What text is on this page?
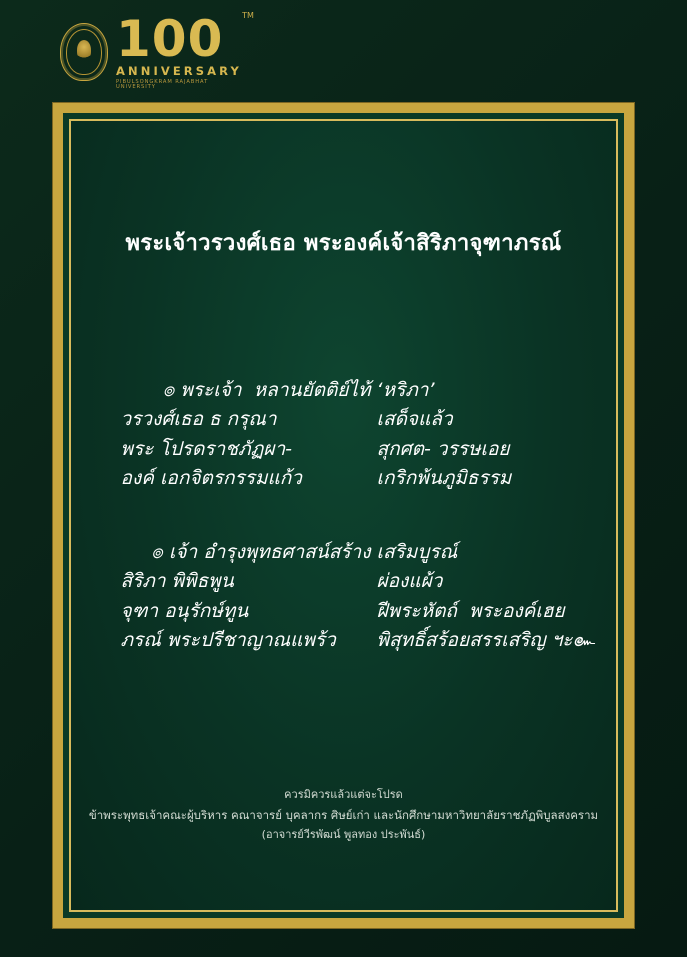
100	TM
ANNIVERSARY
PIBULSONGKRAM RAJABHAT UNIVERSITY
พระเจ้าวรวงศ์เธอ พระองค์เจ้าสิริภาจุฑาภรณ์
๏ พระเจ้า  หลานยัตติย์ไท้ ‘หริภา’
วรวงศ์เธอ ธ กรุณา	เสด็จแล้ว
พระ โปรดราชภัฏผา-	สุกศต- วรรษเอย
องค์ เอกจิตรกรรมแก้ว	เกริกพ้นภูมิธรรม
๏ เจ้า อำรุงพุทธศาสน์สร้าง เสริมบูรณ์
สิริภา พิพิธพูน	ผ่องแผ้ว
จุฑา อนุรักษ์ทูน	ฝีพระหัตถ์  พระองค์เฮย
ภรณ์ พระปรีชาญาณแพร้ว	พิสุทธิ์สร้อยสรรเสริญ ฯะ๛
ควรมิควรแล้วแต่จะโปรด
ข้าพระพุทธเจ้าคณะผู้บริหาร คณาจารย์ บุคลากร ศิษย์เก่า และนักศึกษามหาวิทยาลัยราชภัฏพิบูลสงคราม
(อาจารย์วีรพัฒน์ พูลทอง ประพันธ์)
